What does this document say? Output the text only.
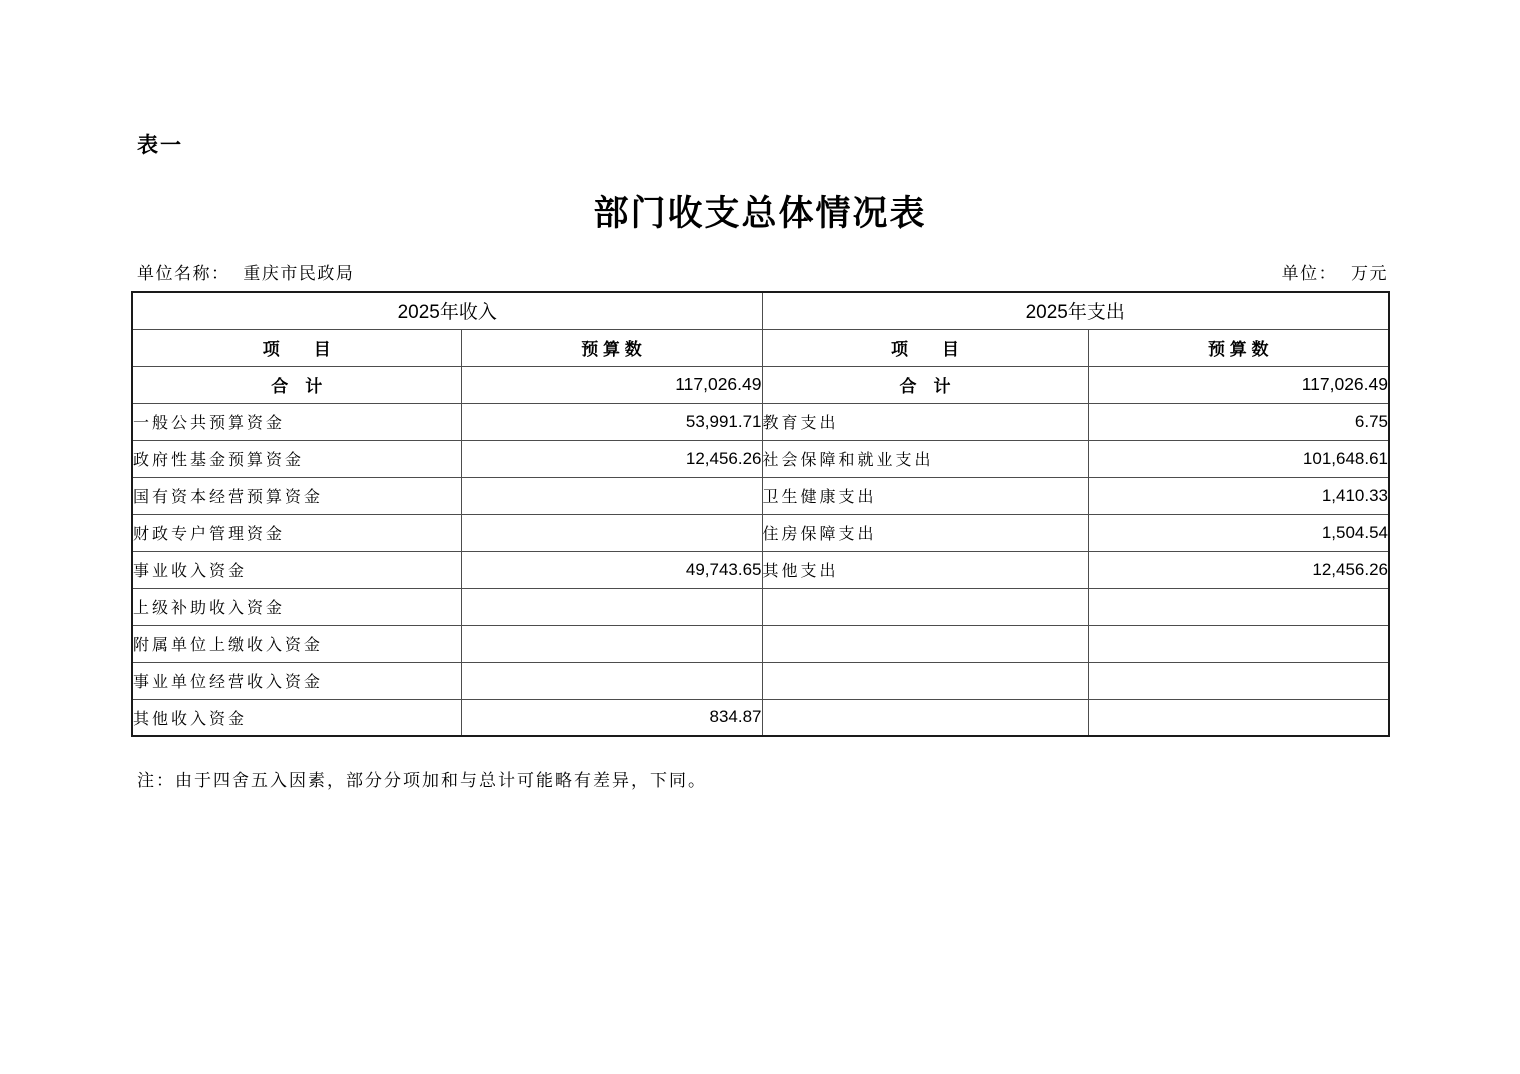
表一
部门收支总体情况表
单位名称： 重庆市民政局	单位： 万元
2025年收入		2025年支出	
项　　目	预 算 数	项　　目	预 算 数
合　计	117,026.49	合　计	117,026.49
一般公共预算资金	53,991.71	教育支出	6.75
政府性基金预算资金	12,456.26	社会保障和就业支出	101,648.61
国有资本经营预算资金		卫生健康支出	1,410.33
财政专户管理资金		住房保障支出	1,504.54
事业收入资金	49,743.65	其他支出	12,456.26
上级补助收入资金			
附属单位上缴收入资金			
事业单位经营收入资金			
其他收入资金	834.87		
注：由于四舍五入因素，部分分项加和与总计可能略有差异，下同。
